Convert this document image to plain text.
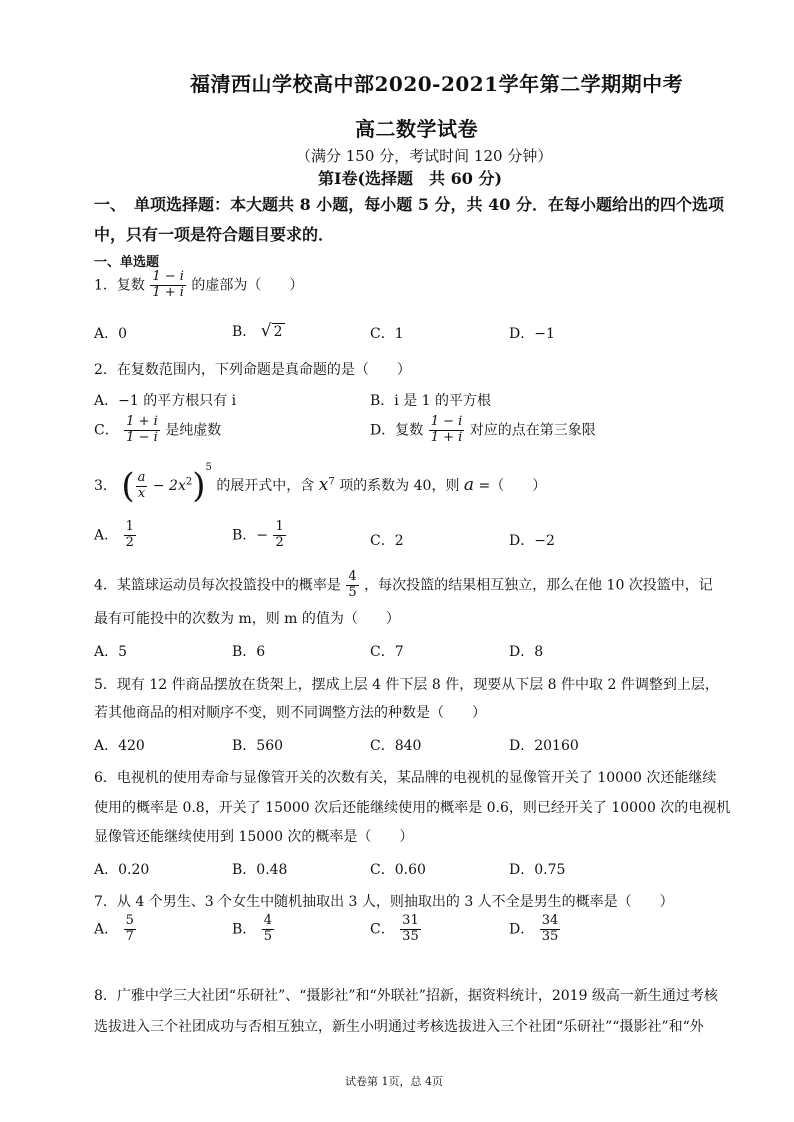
福清西山学校高中部2020-2021学年第二学期期中考
高二数学试卷
（满分 150 分，考试时间 120 分钟）
第Ⅰ卷(选择题　共 60 分)
一、　单项选择题：本大题共 8 小题，每小题 5 分，共 40 分．在每小题给出的四个选项
中，只有一项是符合题目要求的．
一、单选题
1．复数 $\frac{1 - i}{1 + i}$ 的虚部为（　　）
A．0	B． √ 2	C．1	D．−1
2．在复数范围内，下列命题是真命题的是（　　）
A．−1 的平方根只有 i	B．i 是 1 的平方根
C． $\frac{1 + i}{1 - i}$ 是纯虚数	D．复数 $\frac{1 - i}{1 + i}$ 对应的点在第三象限
3． ( $\frac{a}{x} - 2x^2)^5$ 的展开式中，含 $x^7$ 项的系数为 40，则 a =（　　）
A． $\frac{1}{2}$	B．− $\frac{1}{2}$	C．2	D．−2
4．某篮球运动员每次投篮投中的概率是 $\frac{4}{5}$ ，每次投篮的结果相互独立，那么在他 10 次投篮中，记
最有可能投中的次数为 m，则 m 的值为（　　）
A．5	B．6	C．7	D．8
5．现有 12 件商品摆放在货架上，摆成上层 4 件下层 8 件，现要从下层 8 件中取 2 件调整到上层，
若其他商品的相对顺序不变，则不同调整方法的种数是（　　）
A．420	B．560	C．840	D．20160
6．电视机的使用寿命与显像管开关的次数有关，某品牌的电视机的显像管开关了 10000 次还能继续
使用的概率是 0.8，开关了 15000 次后还能继续使用的概率是 0.6，则已经开关了 10000 次的电视机
显像管还能继续使用到 15000 次的概率是（　　）
A．0.20	B．0.48	C．0.60	D．0.75
7．从 4 个男生、3 个女生中随机抽取出 3 人，则抽取出的 3 人不全是男生的概率是（　　）
A． $\frac{5}{7}$	B． $\frac{4}{5}$	C． $\frac{31}{35}$	D． $\frac{34}{35}$
8．广雅中学三大社团“乐研社”、“摄影社”和“外联社”招新，据资料统计，2019 级高一新生通过考核
选拔进入三个社团成功与否相互独立，新生小明通过考核选拔进入三个社团“乐研社”“摄影社”和“外
试卷第 1页，总 4页
